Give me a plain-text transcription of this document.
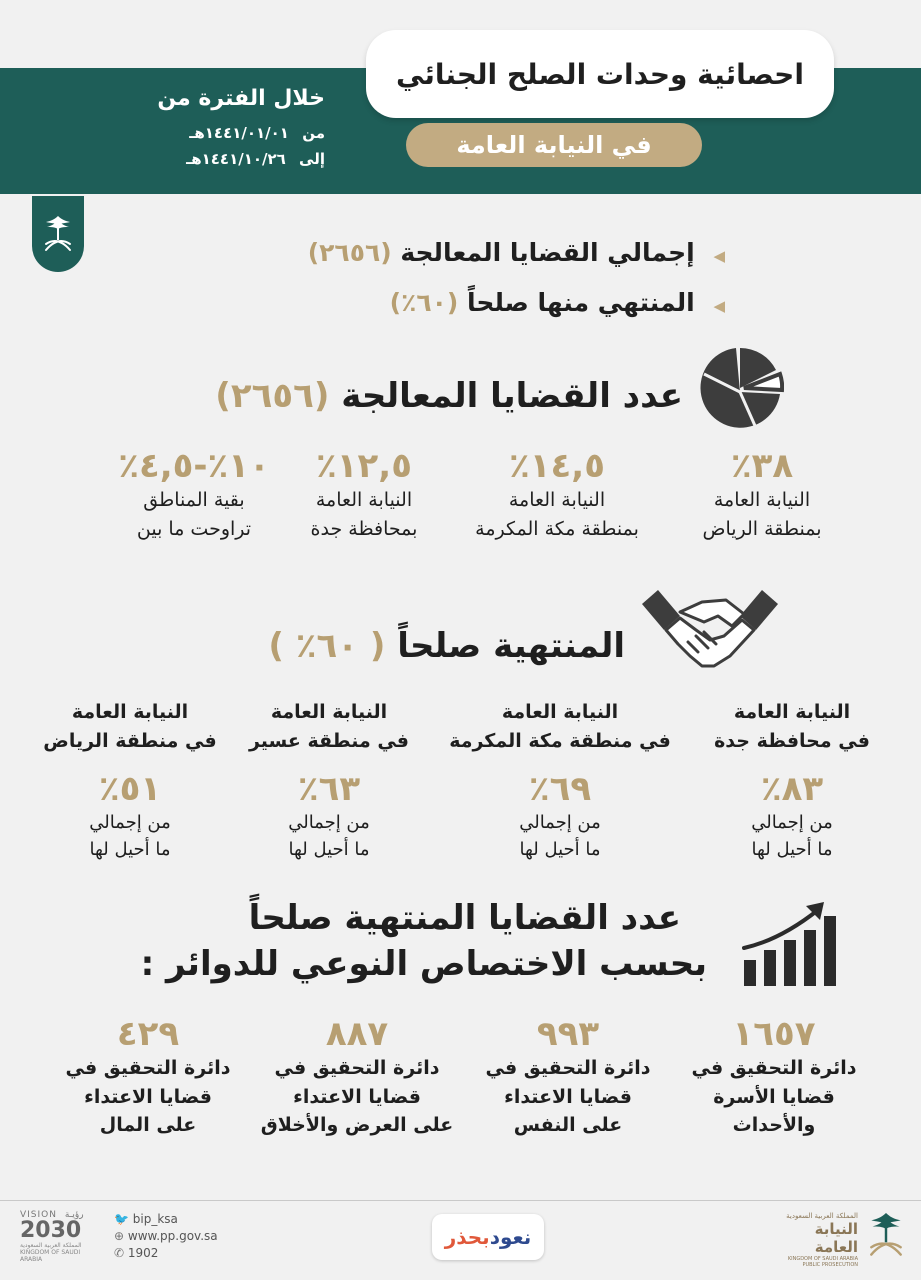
احصائية وحدات الصلح الجنائي
في النيابة العامة
خلال الفترة من
من ١٤٤١/٠١/٠١هـ
إلى ١٤٤١/١٠/٢٦هـ
◀ إجمالي القضايا المعالجة (٢٦٥٦)
◀ المنتهي منها صلحاً (٦٠٪)
عدد القضايا المعالجة (٢٦٥٦)
٣٨٪
النيابة العامة
بمنطقة الرياض
١٤,٥٪
النيابة العامة
بمنطقة مكة المكرمة
١٢,٥٪
النيابة العامة
بمحافظة جدة
١٠٪-٤,٥٪
بقية المناطق
تراوحت ما بين
المنتهية صلحاً ( ٦٠٪ )
النيابة العامة
في محافظة جدة
٨٣٪
من إجمالي
ما أحيل لها
النيابة العامة
في منطقة مكة المكرمة
٦٩٪
من إجمالي
ما أحيل لها
النيابة العامة
في منطقة عسير
٦٣٪
من إجمالي
ما أحيل لها
النيابة العامة
في منطقة الرياض
٥١٪
من إجمالي
ما أحيل لها
عدد القضايا المنتهية صلحاً
بحسب الاختصاص النوعي للدوائر :
١٦٥٧
دائرة التحقيق في
قضايا الأسرة
والأحداث
٩٩٣
دائرة التحقيق في
قضايا الاعتداء
على النفس
٨٨٧
دائرة التحقيق في
قضايا الاعتداء
على العرض والأخلاق
٤٢٩
دائرة التحقيق في
قضايا الاعتداء
على المال
VISION رؤيـة
2030
المملكة العربية السعودية
KINGDOM OF SAUDI ARABIA
🐦 bip_ksa
⊕ www.pp.gov.sa
✆ 1902
نعود
بحذر
المملكة العربية السعودية
النيابة العامة
KINGDOM OF SAUDI ARABIA
PUBLIC PROSECUTION
